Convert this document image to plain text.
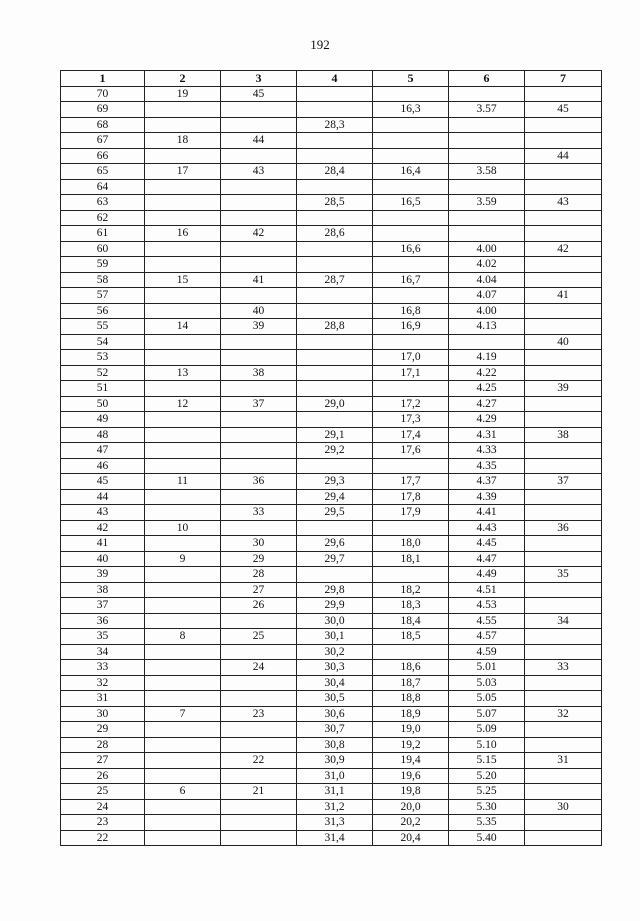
192
1	2	3	4	5	6	7
70	19	45				
69				16,3	3.57	45
68			28,3			
67	18	44				
66						44
65	17	43	28,4	16,4	3.58	
64						
63			28,5	16,5	3.59	43
62						
61	16	42	28,6			
60				16,6	4.00	42
59					4.02	
58	15	41	28,7	16,7	4.04	
57					4.07	41
56		40		16,8	4.00	
55	14	39	28,8	16,9	4.13	
54						40
53				17,0	4.19	
52	13	38		17,1	4.22	
51					4.25	39
50	12	37	29,0	17,2	4.27	
49				17,3	4.29	
48			29,1	17,4	4.31	38
47			29,2	17,6	4.33	
46					4.35	
45	11	36	29,3	17,7	4.37	37
44			29,4	17,8	4.39	
43		33	29,5	17,9	4.41	
42	10				4.43	36
41		30	29,6	18,0	4.45	
40	9	29	29,7	18,1	4.47	
39		28			4.49	35
38		27	29,8	18,2	4.51	
37		26	29,9	18,3	4.53	
36			30,0	18,4	4.55	34
35	8	25	30,1	18,5	4.57	
34			30,2		4.59	
33		24	30,3	18,6	5.01	33
32			30,4	18,7	5.03	
31			30,5	18,8	5.05	
30	7	23	30,6	18,9	5.07	32
29			30,7	19,0	5.09	
28			30,8	19,2	5.10	
27		22	30,9	19,4	5.15	31
26			31,0	19,6	5.20	
25	6	21	31,1	19,8	5.25	
24			31,2	20,0	5.30	30
23			31,3	20,2	5.35	
22			31,4	20,4	5.40	
